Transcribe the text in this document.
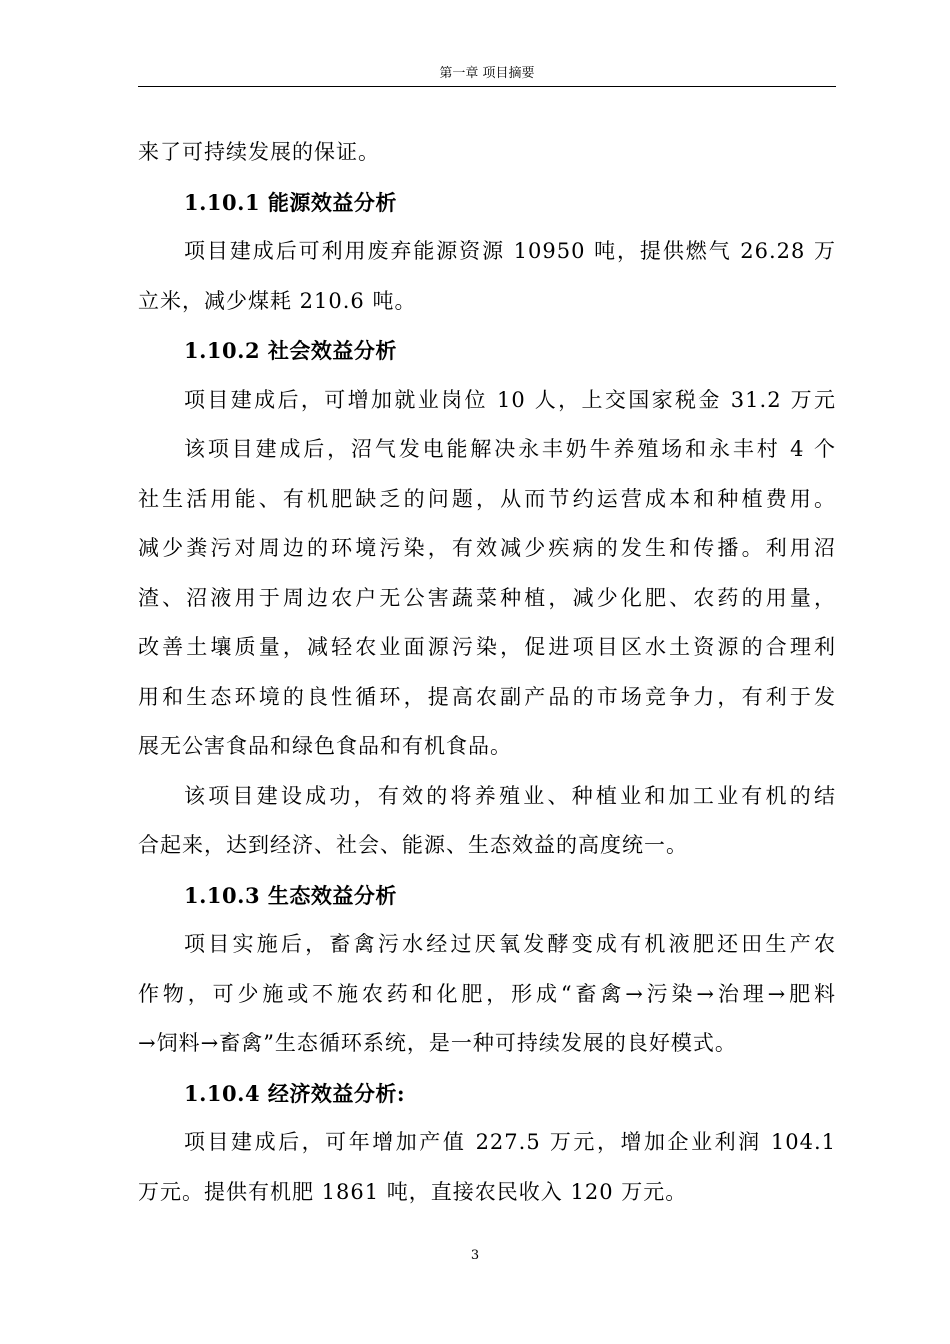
第一章 项目摘要
来了可持续发展的保证。
1.10.1 能源效益分析
项目建成后可利用废弃能源资源 10950 吨，提供燃气 26.28 万
立米，减少煤耗 210.6 吨。
1.10.2 社会效益分析
项目建成后，可增加就业岗位 10 人，上交国家税金 31.2 万元
该项目建成后，沼气发电能解决永丰奶牛养殖场和永丰村 4 个
社生活用能、有机肥缺乏的问题，从而节约运营成本和种植费用。
减少粪污对周边的环境污染，有效减少疾病的发生和传播。利用沼
渣、沼液用于周边农户无公害蔬菜种植，减少化肥、农药的用量，
改善土壤质量，减轻农业面源污染，促进项目区水土资源的合理利
用和生态环境的良性循环，提高农副产品的市场竞争力，有利于发
展无公害食品和绿色食品和有机食品。
该项目建设成功，有效的将养殖业、种植业和加工业有机的结
合起来，达到经济、社会、能源、生态效益的高度统一。
1.10.3 生态效益分析
项目实施后，畜禽污水经过厌氧发酵变成有机液肥还田生产农
作物，可少施或不施农药和化肥，形成“畜禽→污染→治理→肥料
→饲料→畜禽”生态循环系统，是一种可持续发展的良好模式。
1.10.4 经济效益分析:
项目建成后，可年增加产值 227.5 万元，增加企业利润 104.1
万元。提供有机肥 1861 吨，直接农民收入 120 万元。
3
